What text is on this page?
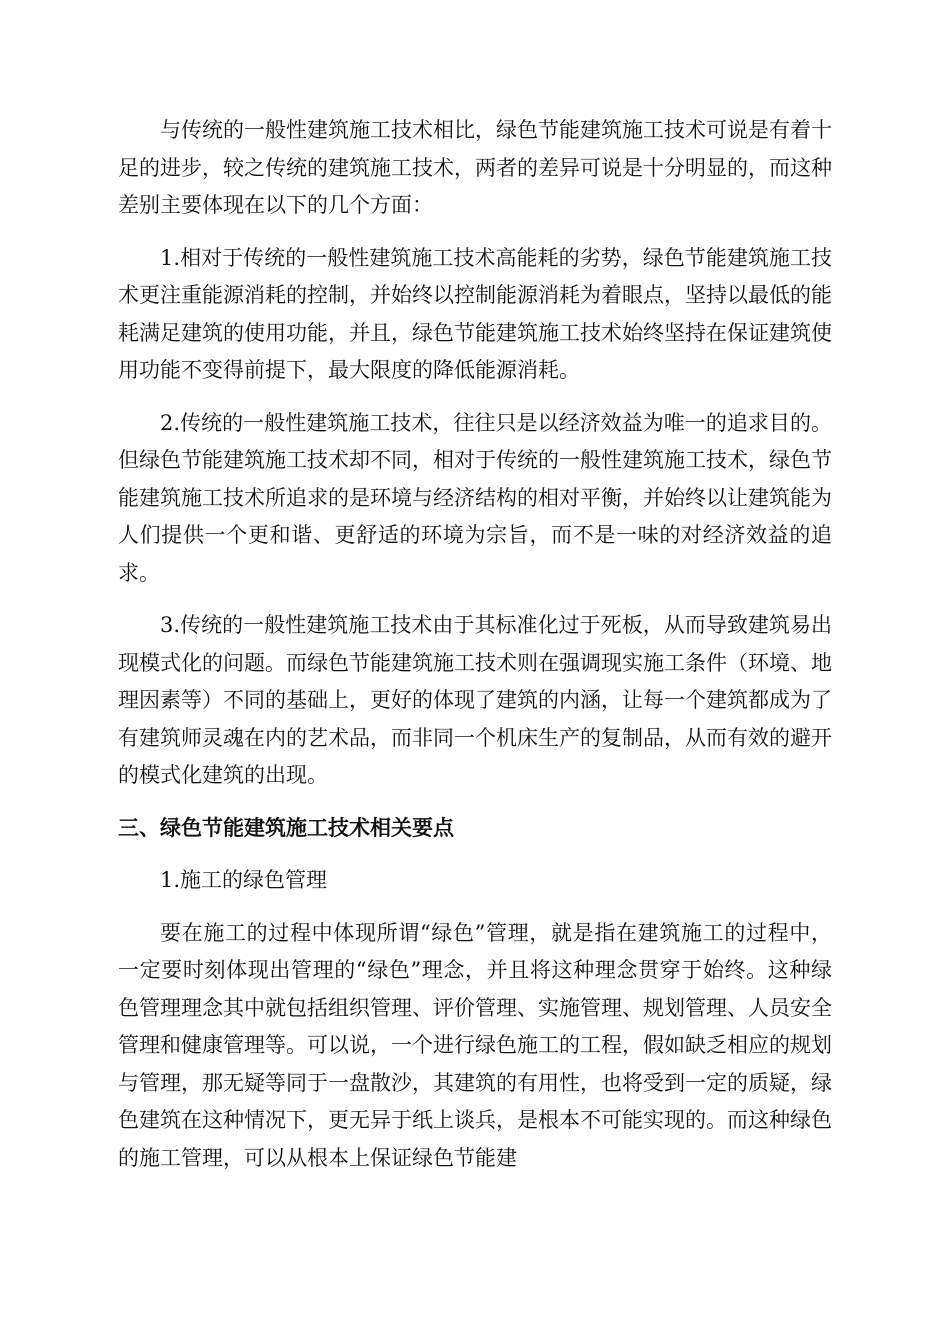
与传统的一般性建筑施工技术相比，绿色节能建筑施工技术可说是有着十足的进步，较之传统的建筑施工技术，两者的差异可说是十分明显的，而这种差别主要体现在以下的几个方面：

1.相对于传统的一般性建筑施工技术高能耗的劣势，绿色节能建筑施工技术更注重能源消耗的控制，并始终以控制能源消耗为着眼点，坚持以最低的能耗满足建筑的使用功能，并且，绿色节能建筑施工技术始终坚持在保证建筑使用功能不变得前提下，最大限度的降低能源消耗。

2.传统的一般性建筑施工技术，往往只是以经济效益为唯一的追求目的。但绿色节能建筑施工技术却不同，相对于传统的一般性建筑施工技术，绿色节能建筑施工技术所追求的是环境与经济结构的相对平衡，并始终以让建筑能为人们提供一个更和谐、更舒适的环境为宗旨，而不是一味的对经济效益的追求。

3.传统的一般性建筑施工技术由于其标准化过于死板，从而导致建筑易出现模式化的问题。而绿色节能建筑施工技术则在强调现实施工条件（环境、地理因素等）不同的基础上，更好的体现了建筑的内涵，让每一个建筑都成为了有建筑师灵魂在内的艺术品，而非同一个机床生产的复制品，从而有效的避开的模式化建筑的出现。

三、绿色节能建筑施工技术相关要点

1.施工的绿色管理

要在施工的过程中体现所谓“绿色”管理，就是指在建筑施工的过程中，一定要时刻体现出管理的“绿色”理念，并且将这种理念贯穿于始终。这种绿色管理理念其中就包括组织管理、评价管理、实施管理、规划管理、人员安全管理和健康管理等。可以说，一个进行绿色施工的工程，假如缺乏相应的规划与管理，那无疑等同于一盘散沙，其建筑的有用性，也将受到一定的质疑，绿色建筑在这种情况下，更无异于纸上谈兵，是根本不可能实现的。而这种绿色的施工管理，可以从根本上保证绿色节能建
